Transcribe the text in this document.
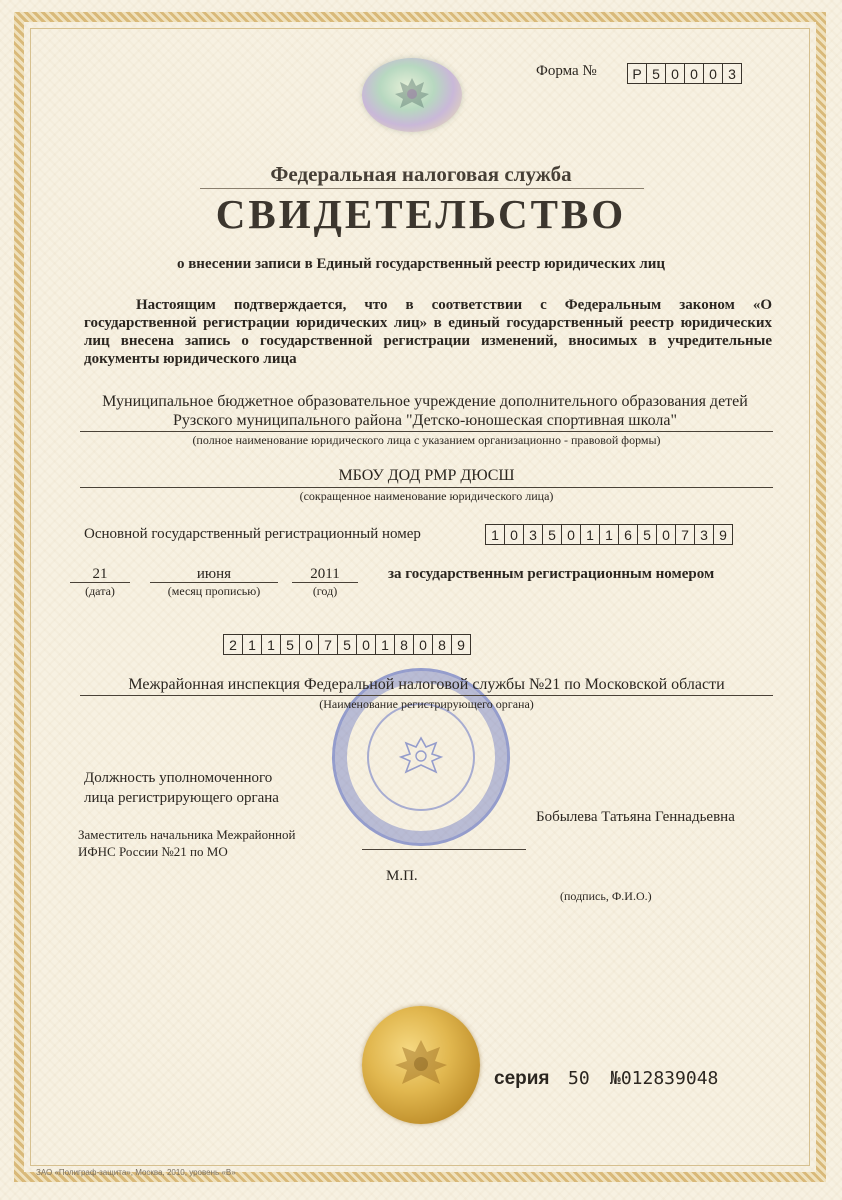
Форма №	Р 5 0 0 0 3
Федеральная налоговая служба
СВИДЕТЕЛЬСТВО
о внесении записи в Единый государственный реестр юридических лиц
Настоящим подтверждается, что в соответствии с Федеральным законом «О государственной регистрации юридических лиц» в единый государственный реестр юридических лиц внесена запись о государственной регистрации изменений, вносимых в учредительные документы юридического лица
Муниципальное бюджетное образовательное учреждение дополнительного образования детей Рузского муниципального района "Детско-юношеская спортивная школа"
(полное наименование юридического лица с указанием организационно - правовой формы)
МБОУ ДОД РМР ДЮСШ
(сокращенное наименование юридического лица)
Основной государственный регистрационный номер	1 0 3 5 0 1 1 6 5 0 7 3 9
21
(дата)
июня
(месяц прописью)
2011
(год)
за государственным регистрационным номером
2 1 1 5 0 7 5 0 1 8 0 8 9
Межрайонная инспекция Федеральной налоговой службы №21 по Московской области
(Наименование регистрирующего органа)
Должность уполномоченного
лица регистрирующего органа
Заместитель начальника Межрайонной
ИФНС России №21 по МО
Бобылева Татьяна Геннадьевна
М.П.
(подпись, Ф.И.О.)
серия 50 №012839048
ЗАО «Полиграф-защита», Москва, 2010, уровень «В»
